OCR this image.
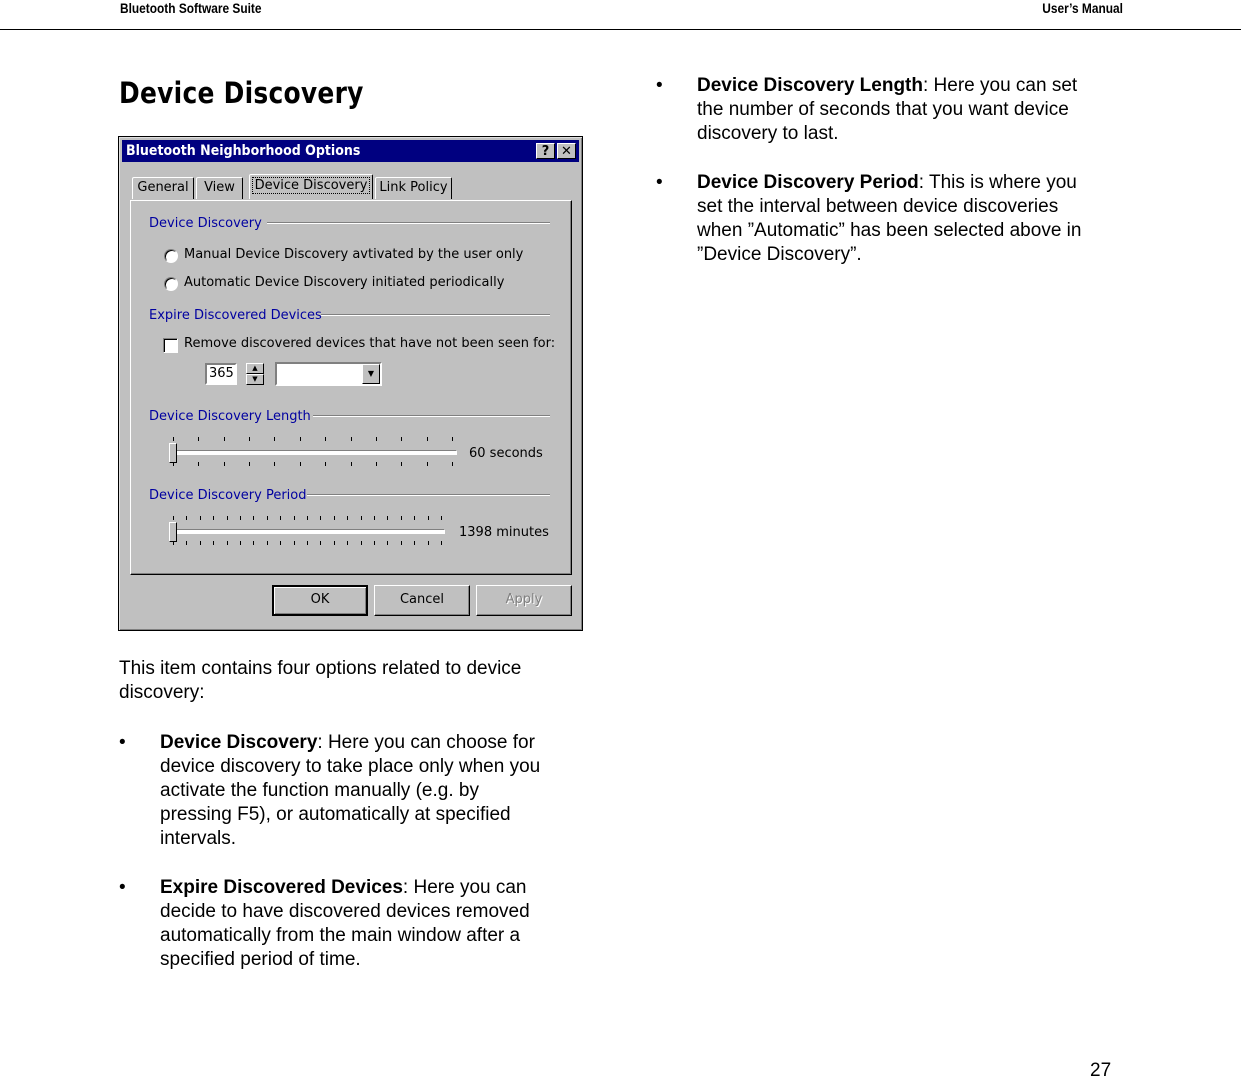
Bluetooth Software Suite	User’s Manual
Device Discovery
Bluetooth Neighborhood Options	? ✕
General	View	Device Discovery Link Policy
Device Discovery
Manual Device Discovery avtivated by the user only
Automatic Device Discovery initiated periodically
Expire Discovered Devices
Remove discovered devices that have not been seen for:
365	▲
▼
▼
Device Discovery Length
60 seconds
Device Discovery Period
1398 minutes
OK	Cancel	Apply
This item contains four options related to device discovery:
• Device Discovery: Here you can choose for
device discovery to take place only when you
activate the function manually (e.g. by
pressing F5), or automatically at specified
intervals.
• Expire Discovered Devices: Here you can
decide to have discovered devices removed
automatically from the main window after a
specified period of time.
• Device Discovery Length: Here you can set
the number of seconds that you want device
discovery to last.
• Device Discovery Period: This is where you
set the interval between device discoveries
when ”Automatic” has been selected above in
”Device Discovery”.
27
